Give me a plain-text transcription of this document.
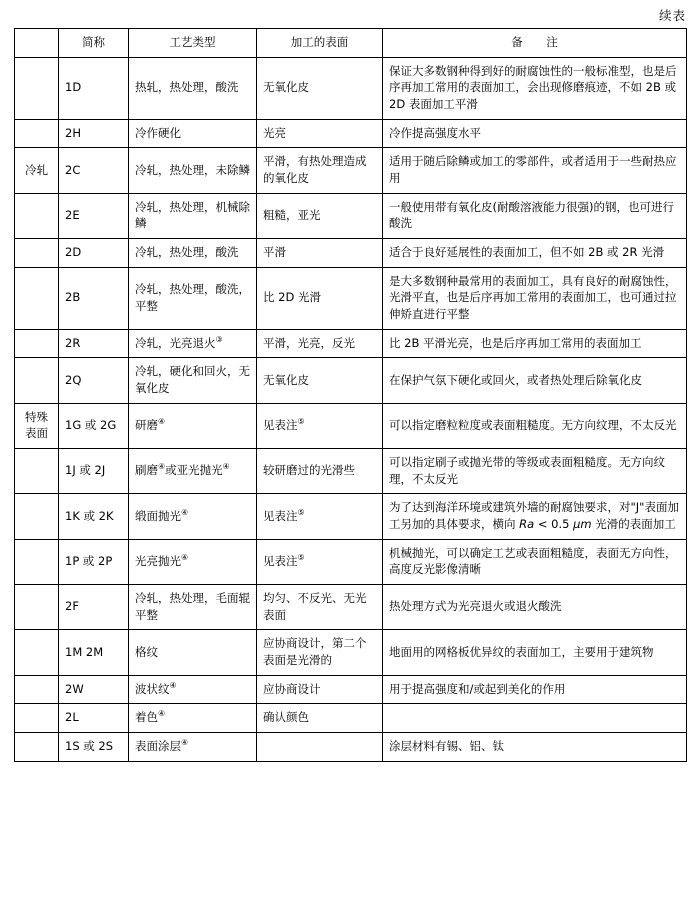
续表
	简称	工艺类型	加工的表面	备　注
	1D	热轧，热处理，酸洗	无氧化皮	保证大多数钢种得到好的耐腐蚀性的一般标准型，也是后序再加工常用的表面加工，会出现修磨痕迹，不如 2B 或 2D 表面加工平滑
	2H	冷作硬化	光亮	冷作提高强度水平
冷轧	2C	冷轧，热处理，未除鳞	平滑，有热处理造成的氧化皮	适用于随后除鳞或加工的零部件，或者适用于一些耐热应用
	2E	冷轧，热处理，机械除鳞	粗糙，亚光	一般使用带有氧化皮(耐酸溶液能力很强)的钢，也可进行酸洗
	2D	冷轧，热处理，酸洗	平滑	适合于良好延展性的表面加工，但不如 2B 或 2R 光滑
	2B	冷轧，热处理，酸洗，平整	比 2D 光滑	是大多数钢种最常用的表面加工，具有良好的耐腐蚀性，光滑平直，也是后序再加工常用的表面加工，也可通过拉伸矫直进行平整
	2R	冷轧，光亮退火③	平滑，光亮，反光	比 2B 平滑光亮，也是后序再加工常用的表面加工
	2Q	冷轧，硬化和回火，无氧化皮	无氧化皮	在保护气氛下硬化或回火，或者热处理后除氧化皮
特殊表面	1G 或 2G	研磨④	见表注⑤	可以指定磨粒粒度或表面粗糙度。无方向纹理，不太反光
	1J 或 2J	刷磨④或亚光抛光④	较研磨过的光滑些	可以指定刷子或抛光带的等级或表面粗糙度。无方向纹理，不太反光
	1K 或 2K	缎面抛光④	见表注⑤	为了达到海洋环境或建筑外墙的耐腐蚀要求，对"J"表面加工另加的具体要求，横向 Ra < 0.5 μm 光滑的表面加工
	1P 或 2P	光亮抛光④	见表注⑤	机械抛光，可以确定工艺或表面粗糙度，表面无方向性，高度反光影像清晰
	2F	冷轧，热处理，毛面辊平整	均匀、不反光、无光表面	热处理方式为光亮退火或退火酸洗
	1M 2M	格纹	应协商设计，第二个表面是光滑的	地面用的网格板优异纹的表面加工，主要用于建筑物
	2W	波状纹④	应协商设计	用于提高强度和/或起到美化的作用
	2L	着色④	确认颜色	
	1S 或 2S	表面涂层④		涂层材料有锡、铝、钛
